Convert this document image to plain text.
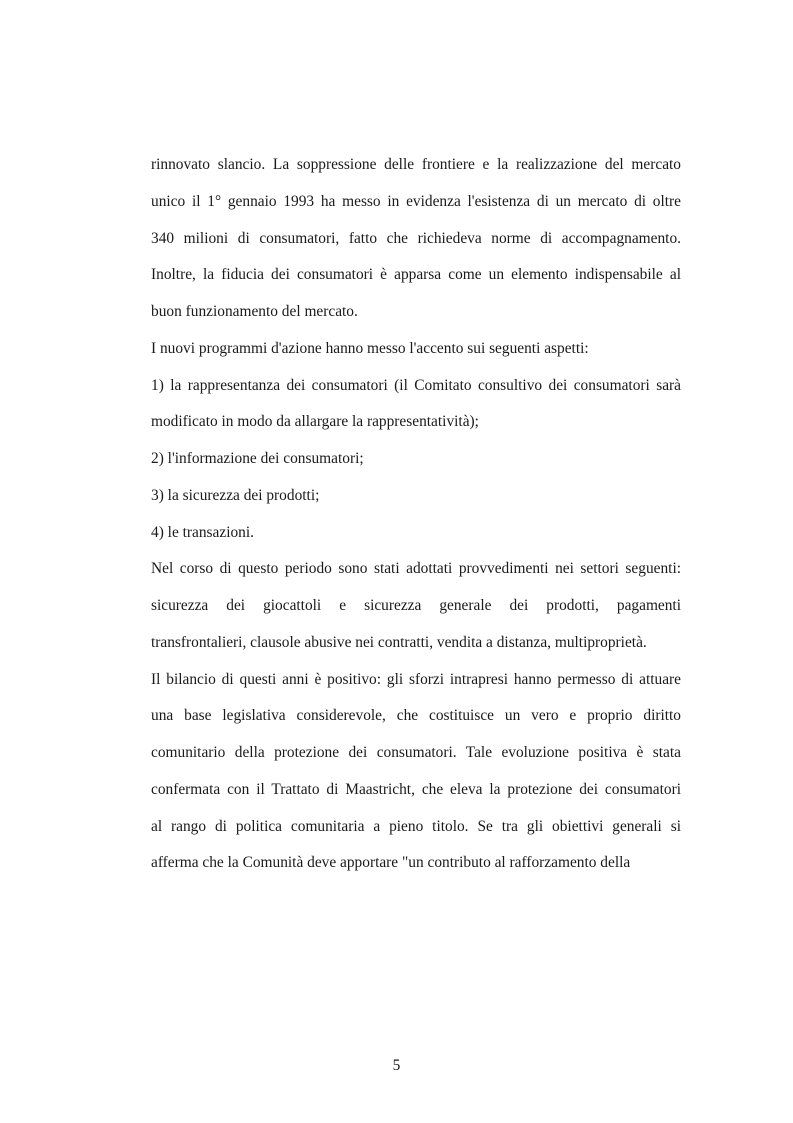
rinnovato slancio. La soppressione delle frontiere e la realizzazione del mercato
unico il 1° gennaio 1993 ha messo in evidenza l'esistenza di un mercato di oltre
340 milioni di consumatori, fatto che richiedeva norme di accompagnamento.
Inoltre, la fiducia dei consumatori è apparsa come un elemento indispensabile al
buon funzionamento del mercato.
I nuovi programmi d'azione hanno messo l'accento sui seguenti aspetti:
1) la rappresentanza dei consumatori (il Comitato consultivo dei consumatori sarà
modificato in modo da allargare la rappresentatività);
2) l'informazione dei consumatori;
3) la sicurezza dei prodotti;
4) le transazioni.
Nel corso di questo periodo sono stati adottati provvedimenti nei settori seguenti:
sicurezza dei giocattoli e sicurezza generale dei prodotti, pagamenti
transfrontalieri, clausole abusive nei contratti, vendita a distanza, multiproprietà.
Il bilancio di questi anni è positivo: gli sforzi intrapresi hanno permesso di attuare
una base legislativa considerevole, che costituisce un vero e proprio diritto
comunitario della protezione dei consumatori. Tale evoluzione positiva è stata
confermata con il Trattato di Maastricht, che eleva la protezione dei consumatori
al rango di politica comunitaria a pieno titolo. Se tra gli obiettivi generali si
afferma che la Comunità deve apportare "un contributo al rafforzamento della
5
